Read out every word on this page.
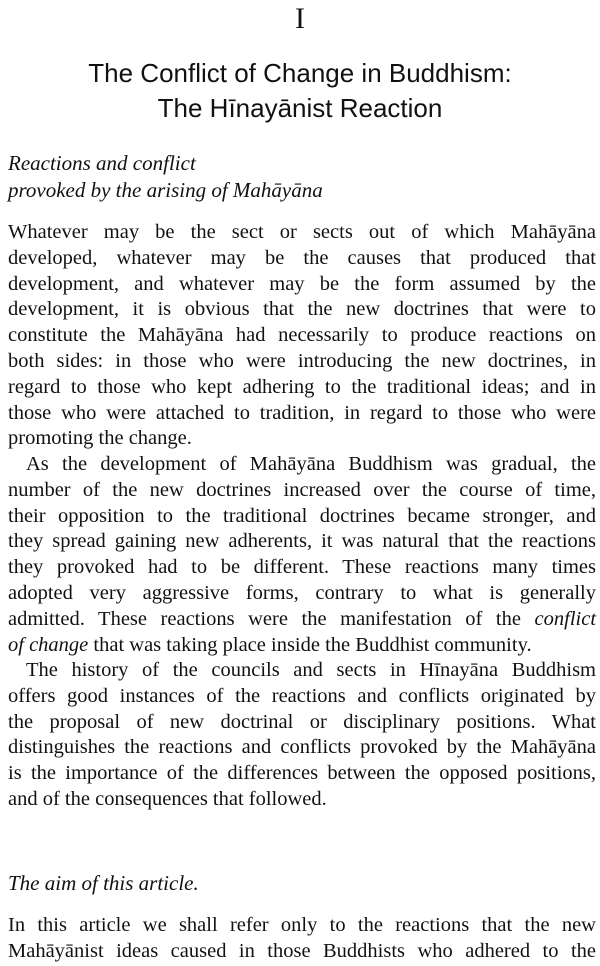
I
The Conflict of Change in Buddhism:
The Hīnayānist Reaction
Reactions and conflict
provoked by the arising of Mahāyāna

Whatever may be the sect or sects out of which Mahāyāna
developed, whatever may be the causes that produced that
development, and whatever may be the form assumed by the
development, it is obvious that the new doctrines that were to
constitute the Mahāyāna had necessarily to produce reactions on
both sides: in those who were introducing the new doctrines, in
regard to those who kept adhering to the traditional ideas; and in
those who were attached to tradition, in regard to those who were
promoting the change.

As the development of Mahāyāna Buddhism was gradual, the
number of the new doctrines increased over the course of time,
their opposition to the traditional doctrines became stronger, and
they spread gaining new adherents, it was natural that the reactions
they provoked had to be different. These reactions many times
adopted very aggressive forms, contrary to what is generally
admitted. These reactions were the manifestation of the conflict
of change that was taking place inside the Buddhist community.

The history of the councils and sects in Hīnayāna Buddhism
offers good instances of the reactions and conflicts originated by
the proposal of new doctrinal or disciplinary positions. What
distinguishes the reactions and conflicts provoked by the Mahāyāna
is the importance of the differences between the opposed positions,
and of the consequences that followed.

The aim of this article.

In this article we shall refer only to the reactions that the new
Mahāyānist ideas caused in those Buddhists who adhered to the
